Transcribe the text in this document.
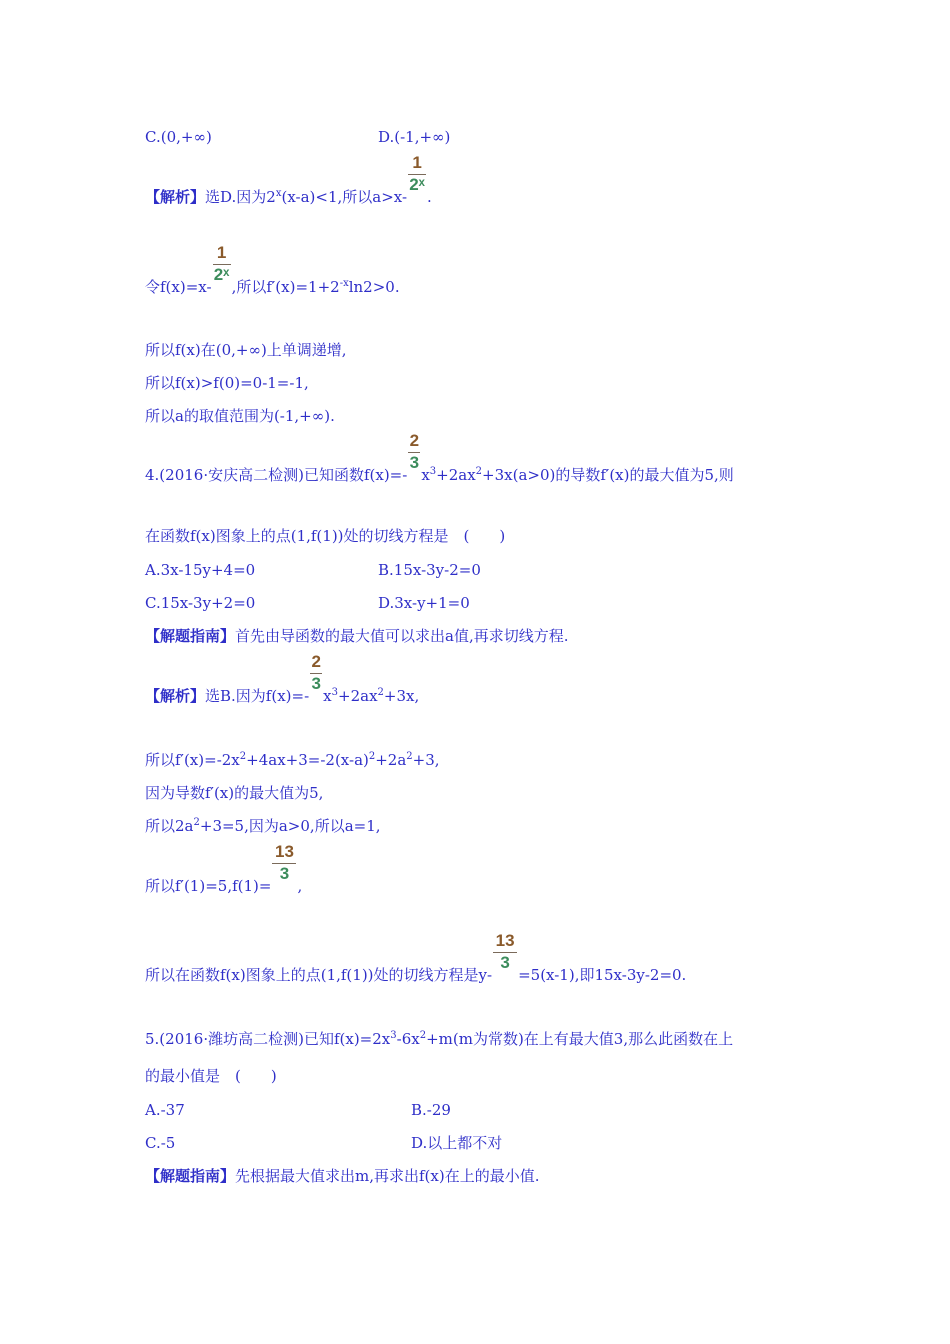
C.(0,+∞)	D.(-1,+∞)
【解析】选D.因为$2^x(x-a)<1$,所以$a>x- \frac{1}{\text{2ˣ}}$ .
令$f(x)=x- \frac{1}{\text{2ˣ}}$ ,所以$f'(x)=1+2^{-x}\ln 2>0$.
所以f(x)在(0,+∞)上单调递增,
所以f(x)>f(0)=0-1=-1,
所以a的取值范围为(-1,+∞).
4.(2016·安庆高二检测)已知函数$f(x)=- \frac{2}{3} x^3+2ax^2+3x(a>0)$的导数f′(x)的最大值为5,则
在函数f(x)图象上的点(1,f(1))处的切线方程是　(　　)
A.3x-15y+4=0	B.15x-3y-2=0
C.15x-3y+2=0	D.3x-y+1=0
【解题指南】首先由导函数的最大值可以求出a值,再求切线方程.
【解析】选B.因为$f(x)=- \frac{2}{3} x^3+2ax^2+3x$,
所以$f'(x)=-2x^2+4ax+3=-2(x-a)^2+2a^2+3$,
因为导数f′(x)的最大值为5,
所以$2a^2+3=5$,因为a>0,所以a=1,
所以$f'(1)=5,f(1)= \frac{13}{3}$ ,
所以在函数f(x)图象上的点(1,f(1))处的切线方程是$y- \frac{13}{3} =5(x-1)$,即15x-3y-2=0.
5.(2016·潍坊高二检测)已知$f(x)=2x^3-6x^2+m(m$为常数)在上有最大值3,那么此函数在上
的最小值是　(　　)
A.-37	B.-29
C.-5	D.以上都不对
【解题指南】先根据最大值求出m,再求出f(x)在上的最小值.
